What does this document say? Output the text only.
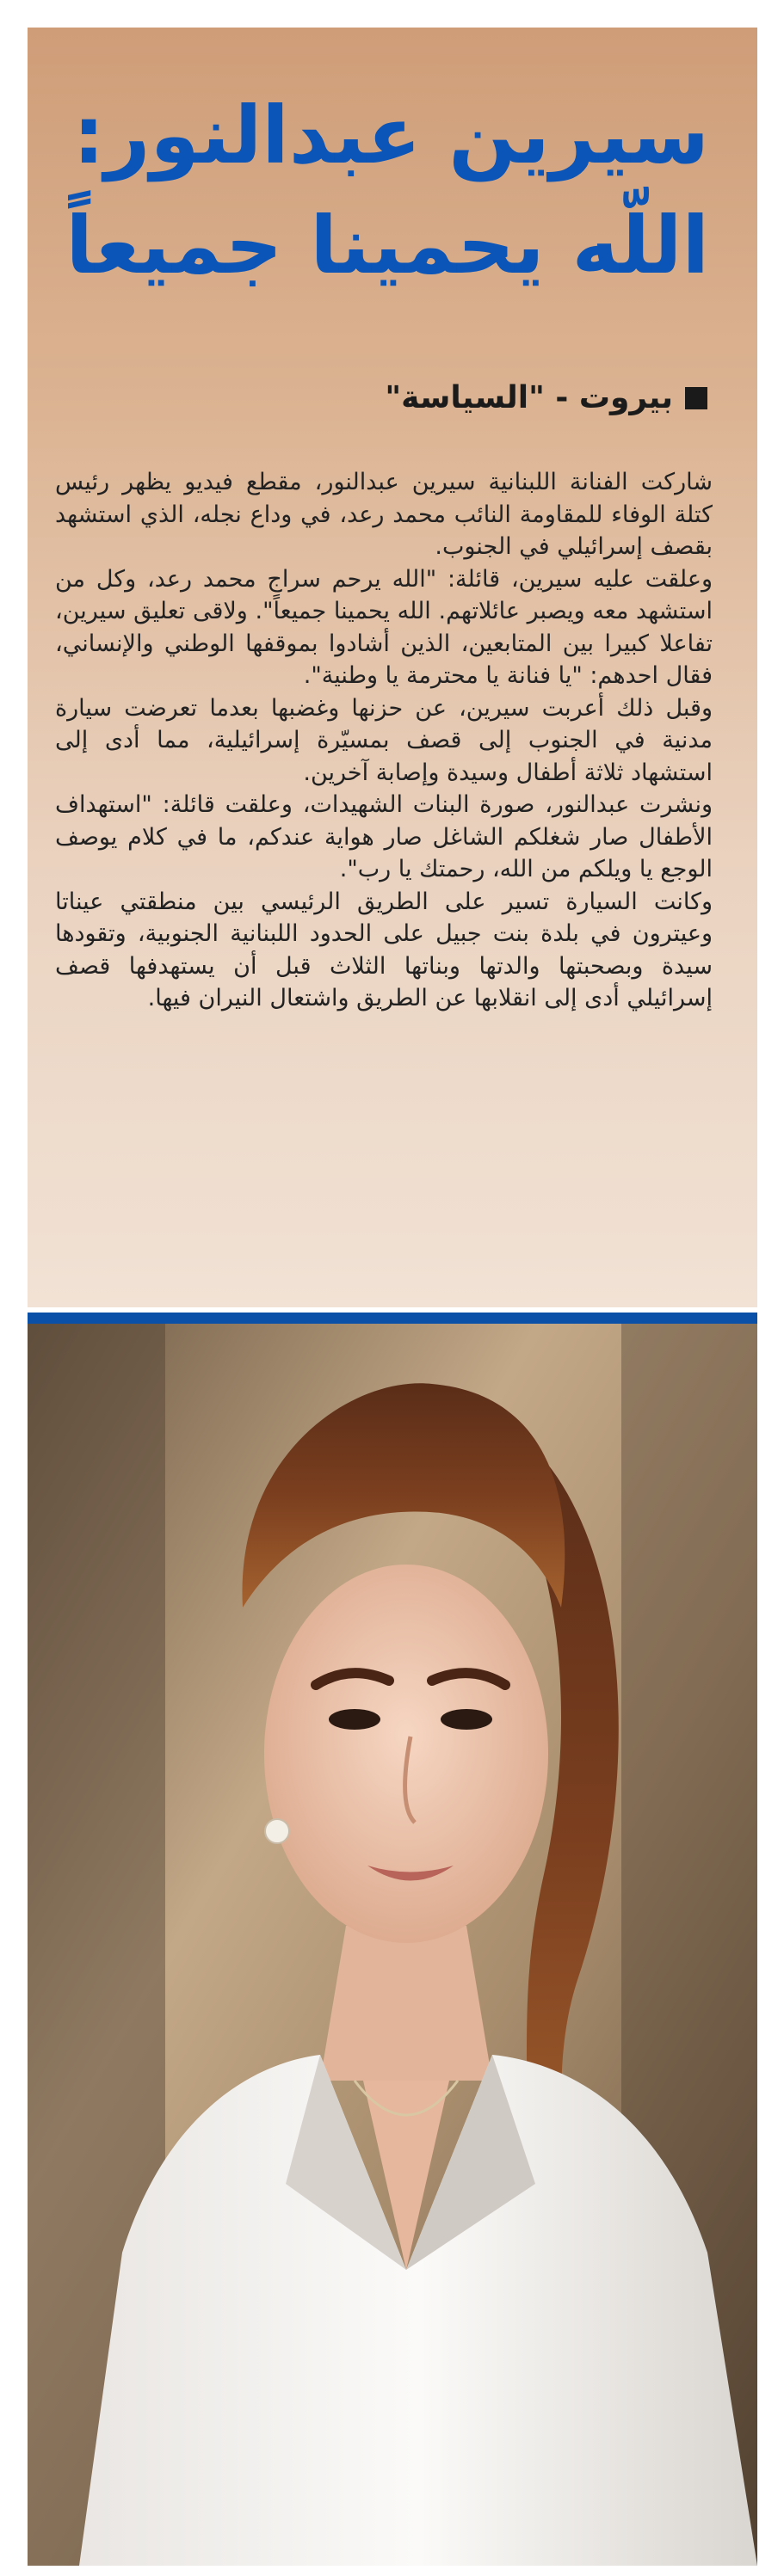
سيرين عبدالنور:
اللّه يحمينا جميعاً
بيروت - "السياسة"

شاركت الفنانة اللبنانية سيرين عبدالنور، مقطع فيديو يظهر رئيس كتلة الوفاء للمقاومة النائب محمد رعد، في وداع نجله، الذي استشهد بقصف إسرائيلي في الجنوب.

وعلقت عليه سيرين، قائلة: "الله يرحم سراج محمد رعد، وكل من استشهد معه ويصبر عائلاتهم. الله يحمينا جميعاً". ولاقى تعليق سيرين، تفاعلا كبيرا بين المتابعين، الذين أشادوا بموقفها الوطني والإنساني، فقال احدهم: "يا فنانة يا محترمة يا وطنية".

وقبل ذلك أعربت سيرين، عن حزنها وغضبها بعدما تعرضت سيارة مدنية في الجنوب إلى قصف بمسيّرة إسرائيلية، مما أدى إلى استشهاد ثلاثة أطفال وسيدة وإصابة آخرين.

ونشرت عبدالنور، صورة البنات الشهيدات، وعلقت قائلة: "استهداف الأطفال صار شغلكم الشاغل صار هواية عندكم، ما في كلام يوصف الوجع يا ويلكم من الله، رحمتك يا رب".

وكانت السيارة تسير على الطريق الرئيسي بين منطقتي عيناتا وعيترون في بلدة بنت جبيل على الحدود اللبنانية الجنوبية، وتقودها سيدة وبصحبتها والدتها وبناتها الثلاث قبل أن يستهدفها قصف إسرائيلي أدى إلى انقلابها عن الطريق واشتعال النيران فيها.
